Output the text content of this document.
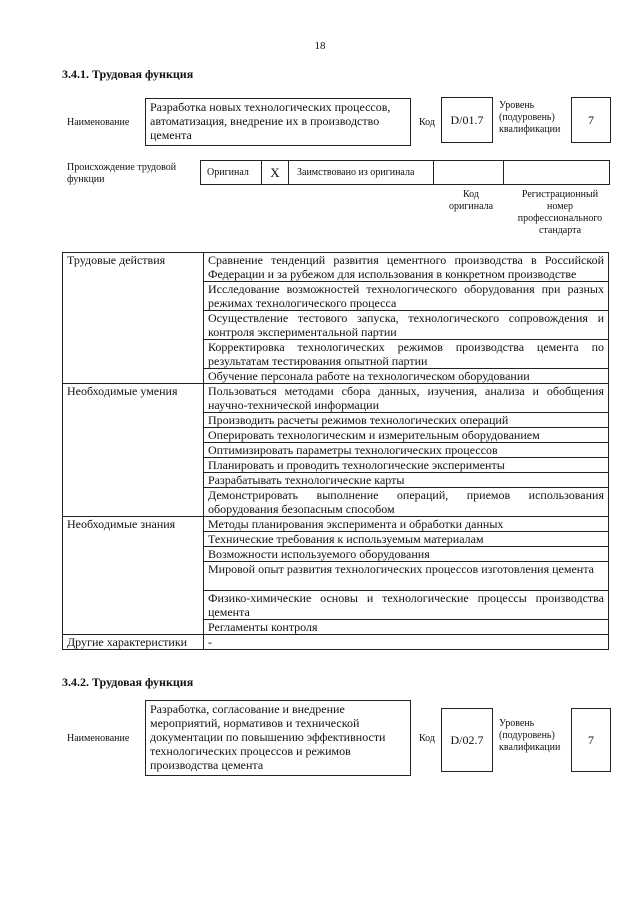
18
3.4.1. Трудовая функция
Наименование
Разработка новых технологических процессов, автоматизация, внедрение их в производство цемента
Код	D/01.7
Уровень (подуровень) квалификации
7
Происхождение трудовой функции
Оригинал	X	Заимствовано из оригинала
Код оригинала
Регистрационный номер профессионального стандарта
Трудовые действия	Сравнение тенденций развития цементного производства в Российской Федерации и за рубежом для использования в конкретном производстве
	Исследование возможностей технологического оборудования при разных режимах технологического процесса
	Осуществление тестового запуска, технологического сопровождения и контроля экспериментальной партии
	Корректировка технологических режимов производства цемента по результатам тестирования опытной партии
	Обучение персонала работе на технологическом оборудовании
Необходимые умения	Пользоваться методами сбора данных, изучения, анализа и обобщения научно-технической информации
	Производить расчеты режимов технологических операций
	Оперировать технологическим и измерительным оборудованием
	Оптимизировать параметры технологических процессов
	Планировать и проводить технологические эксперименты
	Разрабатывать технологические карты
	Демонстрировать выполнение операций, приемов использования оборудования безопасным способом
Необходимые знания	Методы планирования эксперимента и обработки данных
	Технические требования к используемым материалам
	Возможности используемого оборудования
	Мировой опыт развития технологических процессов изготовления цемента
	Физико-химические основы и технологические процессы производства цемента
	Регламенты контроля
Другие характеристики	-
3.4.2. Трудовая функция
Наименование
Разработка, согласование и внедрение мероприятий, нормативов и технической документации по повышению эффективности технологических процессов и режимов производства цемента
Код	D/02.7
Уровень (подуровень) квалификации
7
